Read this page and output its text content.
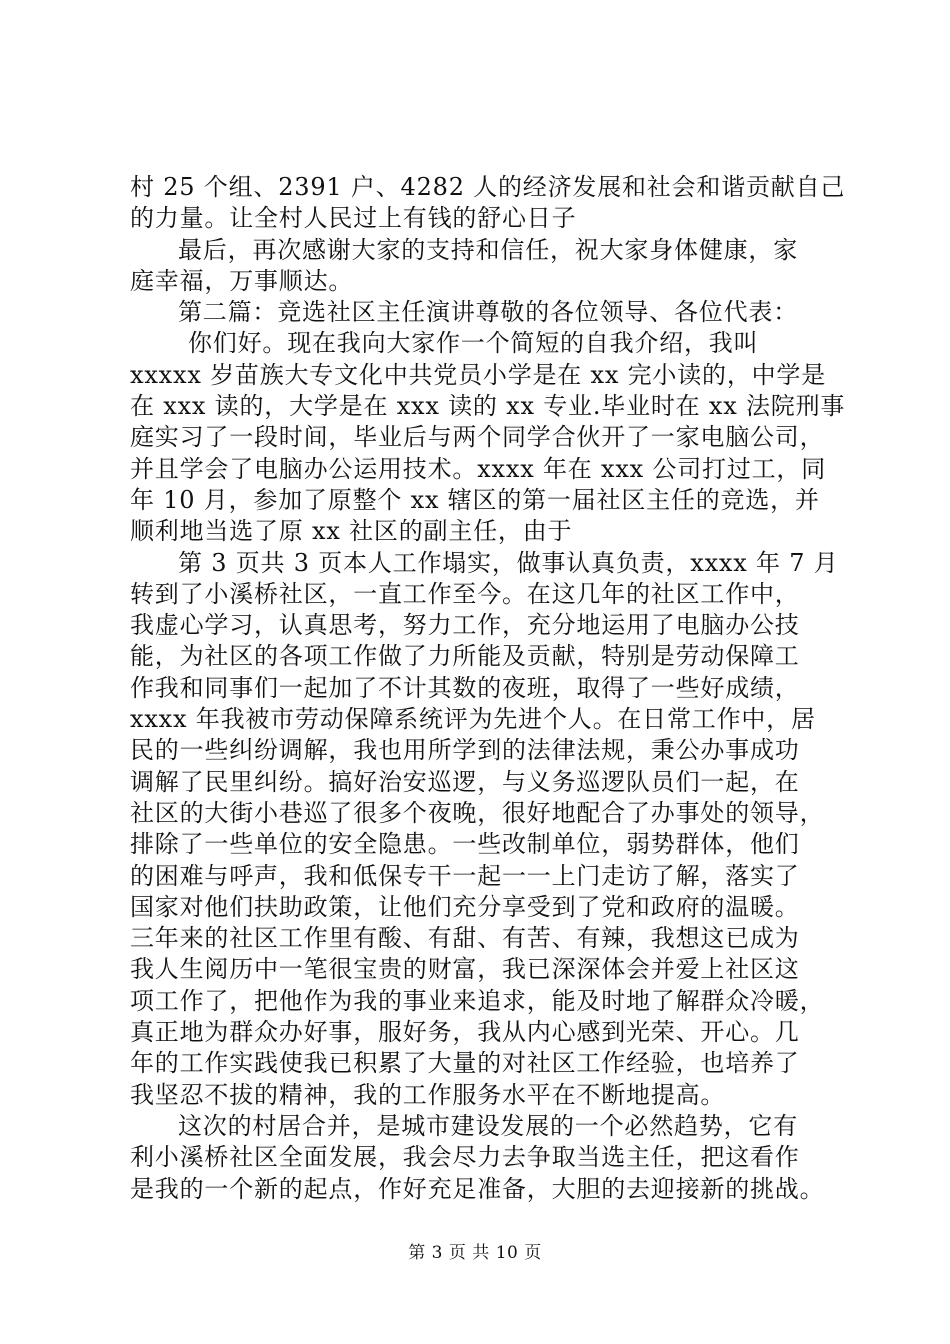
村 25 个组、2391 户、4282 人的经济发展和社会和谐贡献自己
的力量。让全村人民过上有钱的舒心日子
最后，再次感谢大家的支持和信任，祝大家身体健康，家
庭幸福，万事顺达。
第二篇：竞选社区主任演讲尊敬的各位领导、各位代表：
你们好。现在我向大家作一个简短的自我介绍，我叫
xxxxx 岁苗族大专文化中共党员小学是在 xx 完小读的，中学是
在 xxx 读的，大学是在 xxx 读的 xx 专业.毕业时在 xx 法院刑事
庭实习了一段时间，毕业后与两个同学合伙开了一家电脑公司，
并且学会了电脑办公运用技术。xxxx 年在 xxx 公司打过工，同
年 10 月，参加了原整个 xx 辖区的第一届社区主任的竞选，并
顺利地当选了原 xx 社区的副主任，由于
第 3 页共 3 页本人工作塌实，做事认真负责，xxxx 年 7 月
转到了小溪桥社区，一直工作至今。在这几年的社区工作中，
我虚心学习，认真思考，努力工作，充分地运用了电脑办公技
能，为社区的各项工作做了力所能及贡献，特别是劳动保障工
作我和同事们一起加了不计其数的夜班，取得了一些好成绩，
xxxx 年我被市劳动保障系统评为先进个人。在日常工作中，居
民的一些纠纷调解，我也用所学到的法律法规，秉公办事成功
调解了民里纠纷。搞好治安巡逻，与义务巡逻队员们一起，在
社区的大街小巷巡了很多个夜晚，很好地配合了办事处的领导，
排除了一些单位的安全隐患。一些改制单位，弱势群体，他们
的困难与呼声，我和低保专干一起一一上门走访了解，落实了
国家对他们扶助政策，让他们充分享受到了党和政府的温暖。
三年来的社区工作里有酸、有甜、有苦、有辣，我想这已成为
我人生阅历中一笔很宝贵的财富，我已深深体会并爱上社区这
项工作了，把他作为我的事业来追求，能及时地了解群众冷暖，
真正地为群众办好事，服好务，我从内心感到光荣、开心。几
年的工作实践使我已积累了大量的对社区工作经验，也培养了
我坚忍不拔的精神，我的工作服务水平在不断地提高。
这次的村居合并，是城市建设发展的一个必然趋势，它有
利小溪桥社区全面发展，我会尽力去争取当选主任，把这看作
是我的一个新的起点，作好充足准备，大胆的去迎接新的挑战。
第 3 页 共 10 页
